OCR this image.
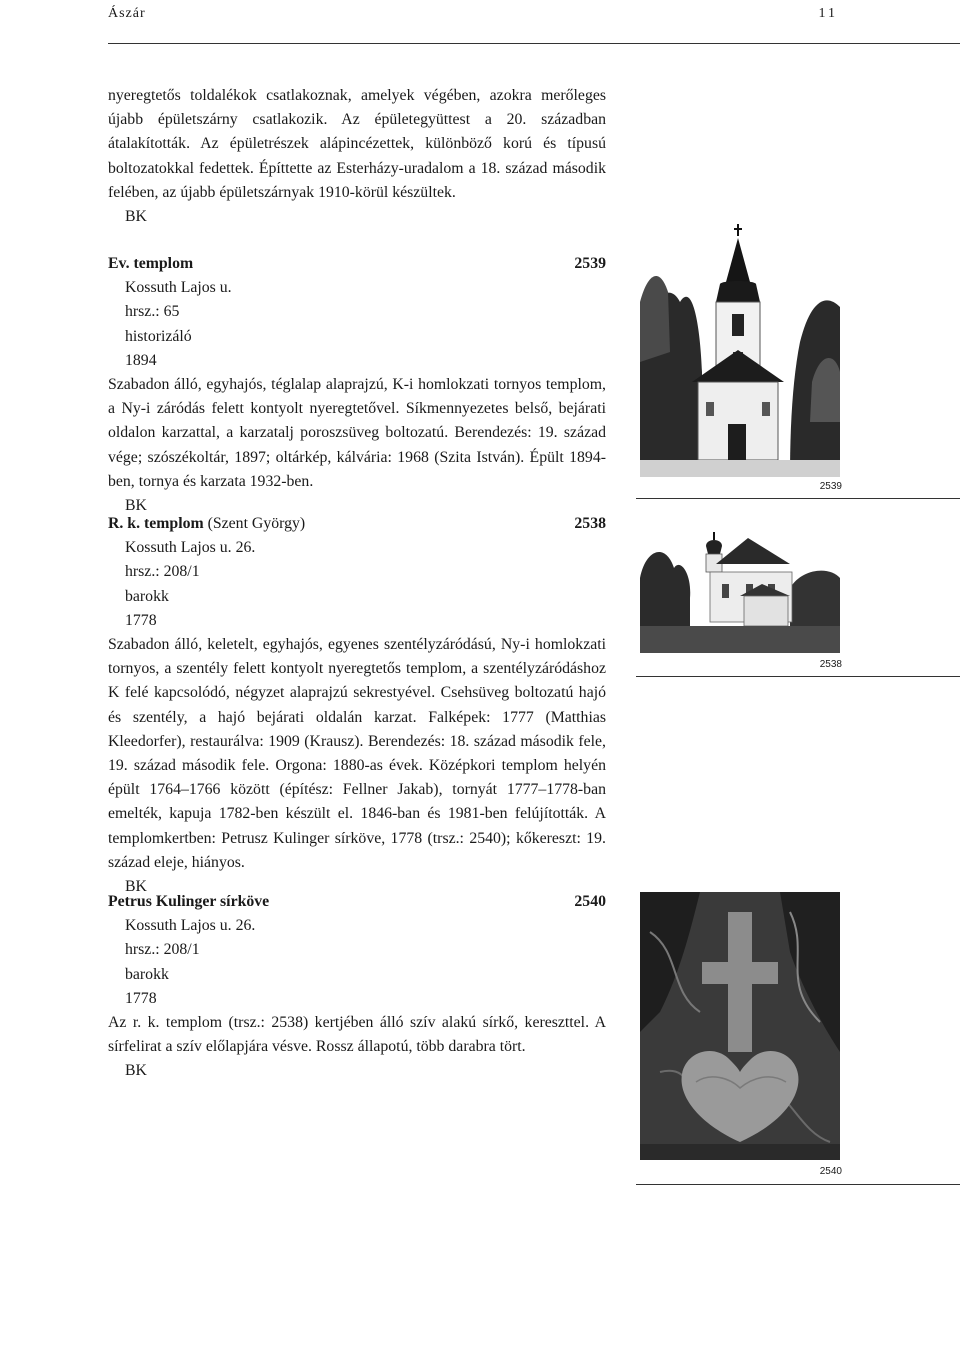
Ászár	11

nyeregtetős toldalékok csatlakoznak, amelyek végében, azokra merőleges újabb épületszárny csatlakozik. Az épületegyüttest a 20. században átalakították. Az épületrészek alápincézettek, különböző korú és típusú boltozatokkal fedettek. Építtette az Esterházy-uradalom a 18. század második felében, az újabb épületszárnyak 1910-körül készültek.

BK

Ev. templom	2539

Kossuth Lajos u.

hrsz.: 65

historizáló

1894

Szabadon álló, egyhajós, téglalap alaprajzú, K-i homlokzati tornyos templom, a Ny-i záródás felett kontyolt nyeregtetővel. Síkmennyezetes belső, bejárati oldalon karzattal, a karzatalj poroszsüveg boltozatú. Berendezés: 19. század vége; szószékoltár, 1897; oltárkép, kálvária: 1968 (Szita István). Épült 1894-ben, tornya és karzata 1932-ben.

BK

R. k. templom (Szent György)	2538

Kossuth Lajos u. 26.

hrsz.: 208/1

barokk

1778

Szabadon álló, keletelt, egyhajós, egyenes szentélyzáródású, Ny-i homlokzati tornyos, a szentély felett kontyolt nyeregtetős templom, a szentélyzáródáshoz K felé kapcsolódó, négyzet alaprajzú sekrestyével. Csehsüveg boltozatú hajó és szentély, a hajó bejárati oldalán karzat. Falképek: 1777 (Matthias Kleedorfer), restaurálva: 1909 (Krausz). Berendezés: 18. század második fele, 19. század második fele. Orgona: 1880-as évek. Középkori templom helyén épült 1764–1766 között (építész: Fellner Jakab), tornyát 1777–1778-ban emelték, kapuja 1782-ben készült el. 1846-ban és 1981-ben felújították. A templomkertben: Petrusz Kulinger sírköve, 1778 (trsz.: 2540); kőkereszt: 19. század eleje, hiányos.

BK

Petrus Kulinger sírköve	2540

Kossuth Lajos u. 26.

hrsz.: 208/1

barokk

1778

Az r. k. templom (trsz.: 2538) kertjében álló szív alakú sírkő, kereszttel. A sírfelirat a szív előlapjára vésve. Rossz állapotú, több darabra tört.

BK

2539
2538
2540
